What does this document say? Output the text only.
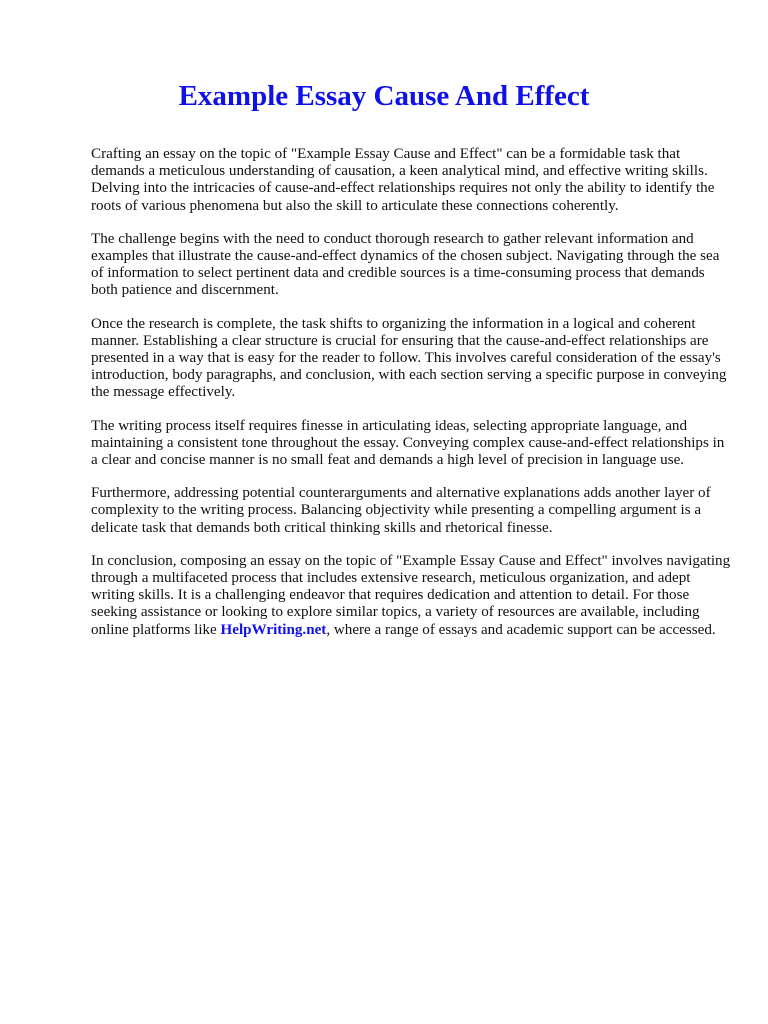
Example Essay Cause And Effect

Crafting an essay on the topic of "Example Essay Cause and Effect" can be a formidable task that demands a meticulous understanding of causation, a keen analytical mind, and effective writing skills. Delving into the intricacies of cause-and-effect relationships requires not only the ability to identify the roots of various phenomena but also the skill to articulate these connections coherently.

The challenge begins with the need to conduct thorough research to gather relevant information and examples that illustrate the cause-and-effect dynamics of the chosen subject. Navigating through the sea of information to select pertinent data and credible sources is a time-consuming process that demands both patience and discernment.

Once the research is complete, the task shifts to organizing the information in a logical and coherent manner. Establishing a clear structure is crucial for ensuring that the cause-and-effect relationships are presented in a way that is easy for the reader to follow. This involves careful consideration of the essay's introduction, body paragraphs, and conclusion, with each section serving a specific purpose in conveying the message effectively.

The writing process itself requires finesse in articulating ideas, selecting appropriate language, and maintaining a consistent tone throughout the essay. Conveying complex cause-and-effect relationships in a clear and concise manner is no small feat and demands a high level of precision in language use.

Furthermore, addressing potential counterarguments and alternative explanations adds another layer of complexity to the writing process. Balancing objectivity while presenting a compelling argument is a delicate task that demands both critical thinking skills and rhetorical finesse.

In conclusion, composing an essay on the topic of "Example Essay Cause and Effect" involves navigating through a multifaceted process that includes extensive research, meticulous organization, and adept writing skills. It is a challenging endeavor that requires dedication and attention to detail. For those seeking assistance or looking to explore similar topics, a variety of resources are available, including online platforms like HelpWriting.net, where a range of essays and academic support can be accessed.
